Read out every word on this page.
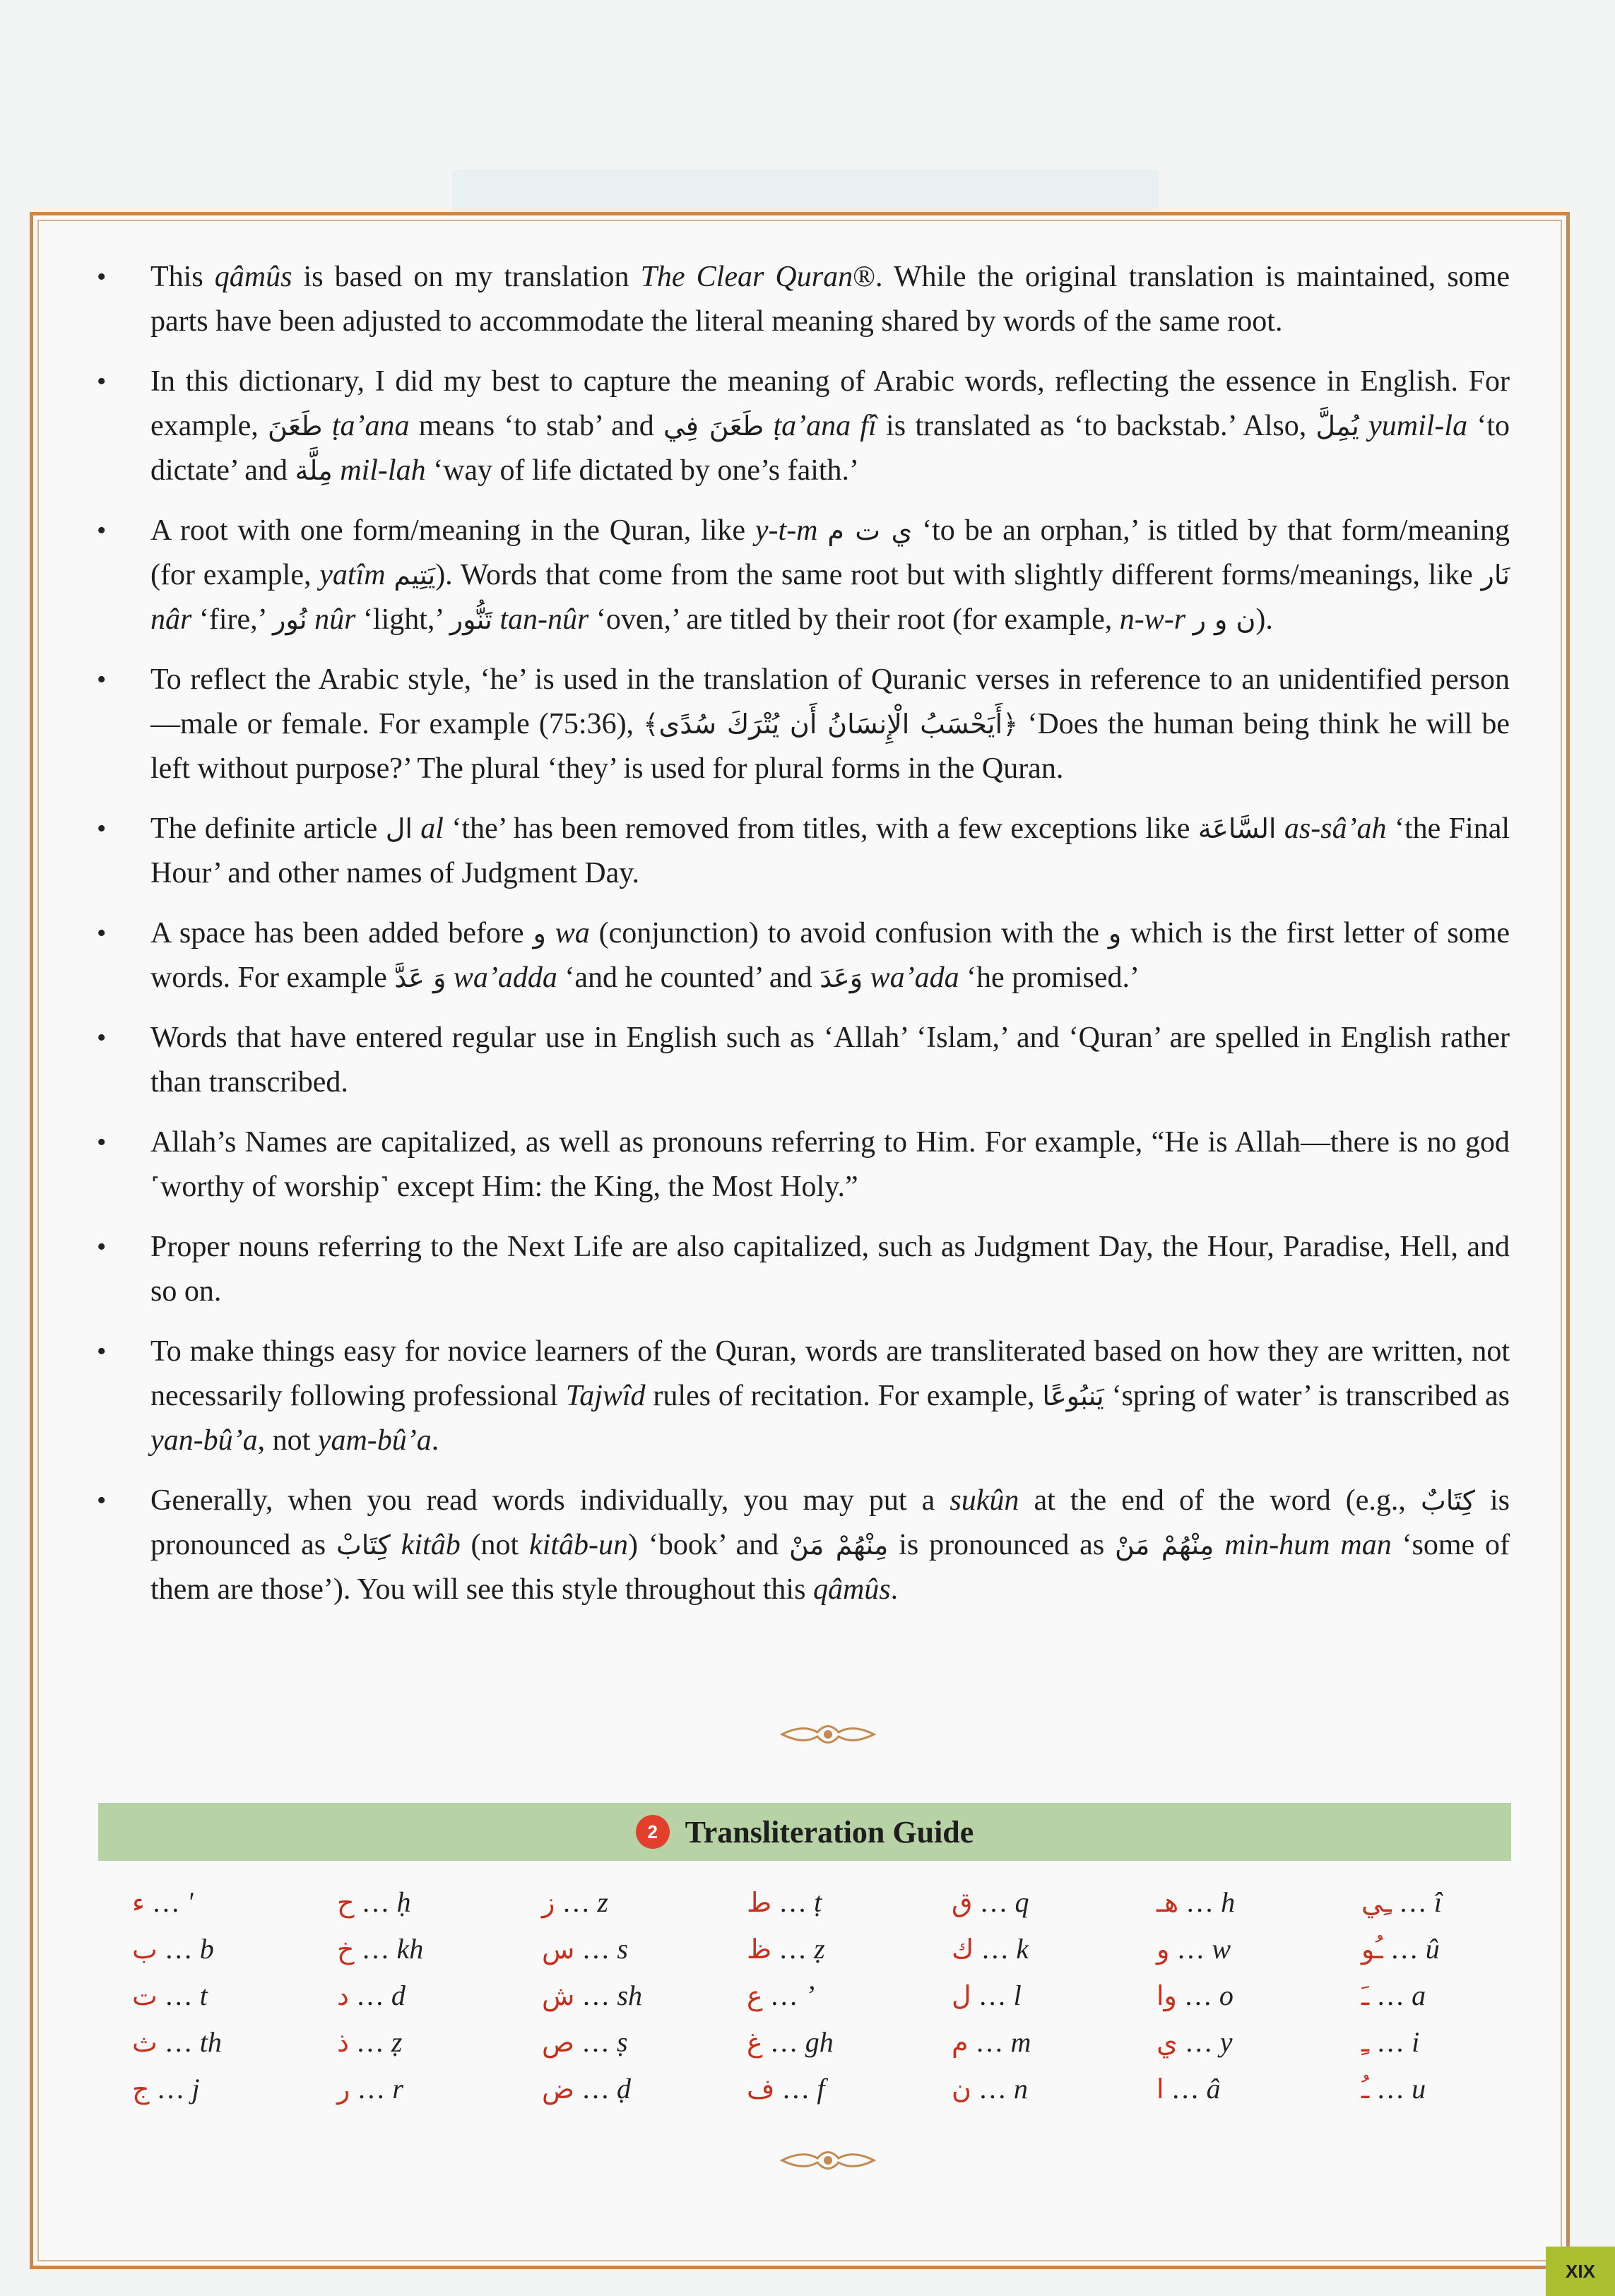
• This qâmûs is based on my translation The Clear Quran®. While the original translation is maintained, some parts have been adjusted to accommodate the literal meaning shared by words of the same root.
• In this dictionary, I did my best to capture the meaning of Arabic words, reflecting the essence in English. For example, طَعَنَ ṭa’ana means ‘to stab’ and طَعَنَ فِي ṭa’ana fî is translated as ‘to backstab.’ Also, يُمِلَّ yumil-la ‘to dictate’ and مِلَّة mil-lah ‘way of life dictated by one’s faith.’
• A root with one form/meaning in the Quran, like y-t-m ي ت م ‘to be an orphan,’ is titled by that form/meaning (for example, yatîm يَتِيم). Words that come from the same root but with slightly different forms/meanings, like نَار nâr ‘fire,’ نُور nûr ‘light,’ تَنُّور tan-nûr ‘oven,’ are titled by their root (for example, n-w-r ن و ر).
• To reflect the Arabic style, ‘he’ is used in the translation of Quranic verses in reference to an unidentified person—male or female. For example (75:36), ﴿أَيَحْسَبُ الْإِنسَانُ أَن يُتْرَكَ سُدًى﴾ ‘Does the human being think he will be left without purpose?’ The plural ‘they’ is used for plural forms in the Quran.
• The definite article ال al ‘the’ has been removed from titles, with a few exceptions like السَّاعَة as-sâ’ah ‘the Final Hour’ and other names of Judgment Day.
• A space has been added before و wa (conjunction) to avoid confusion with the و which is the first letter of some words. For example وَ عَدَّ wa’adda ‘and he counted’ and وَعَدَ wa’ada ‘he promised.’
• Words that have entered regular use in English such as ‘Allah’ ‘Islam,’ and ‘Quran’ are spelled in English rather than transcribed.
• Allah’s Names are capitalized, as well as pronouns referring to Him. For example, “He is Allah—there is no god ˹worthy of worship˺ except Him: the King, the Most Holy.”
• Proper nouns referring to the Next Life are also capitalized, such as Judgment Day, the Hour, Paradise, Hell, and so on.
• To make things easy for novice learners of the Quran, words are transliterated based on how they are written, not necessarily following professional Tajwîd rules of recitation. For example, يَنبُوعًا ‘spring of water’ is transcribed as yan-bû’a, not yam-bû’a.
• Generally, when you read words individually, you may put a sukûn at the end of the word (e.g., كِتَابٌ is pronounced as كِتَابْ kitâb (not kitâb-un) ‘book’ and مِنْهُمْ مَنْ is pronounced as مِنْهُمْ مَنْ min-hum man ‘some of them are those’). You will see this style throughout this qâmûs.
2 Transliteration Guide
ء … '	ح … ḥ	ز … z	ط … ṭ	ق … q	هـ … h	ـِي … î
ب … b	خ … kh	س … s	ظ … ẓ	ك … k	و … w	ـُو … û
ت … t	د … d	ش … sh	ع … ’	ل … l	وا … o	ـَ … a
ث … th	ذ … ẓ	ص … ṣ	غ … gh	م … m	ي … y	ـِ … i
ج … j	ر … r	ض … ḍ	ف … f	ن … n	ا … â	ـُ … u
XIX
